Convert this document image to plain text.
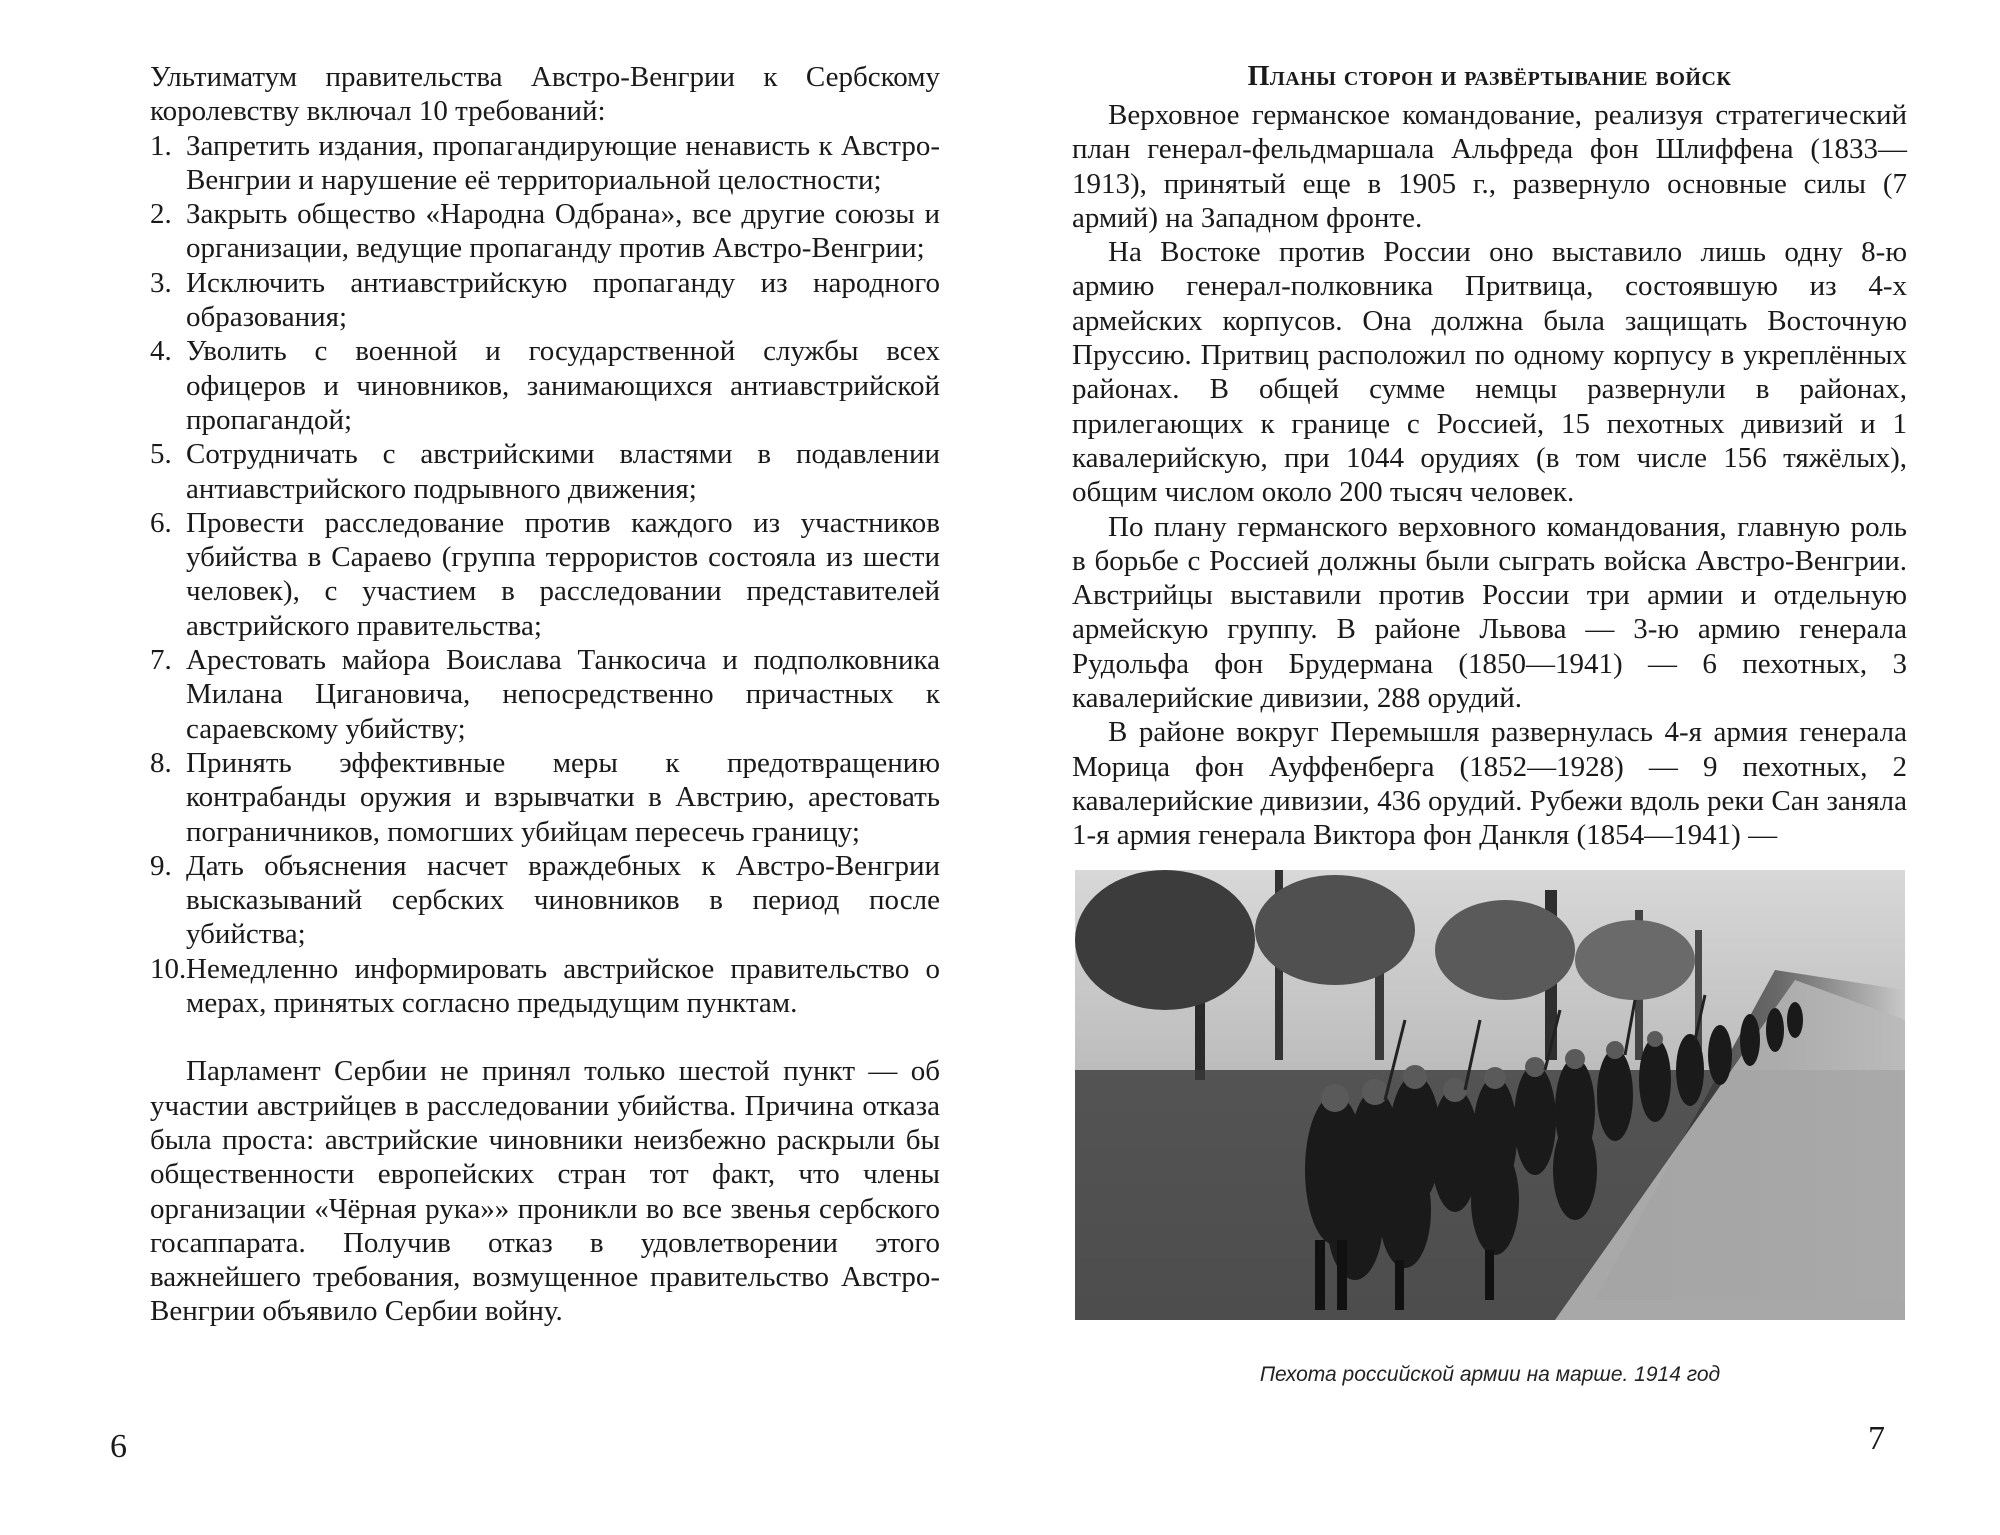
Ультиматум правительства Австро-Венгрии к Сербскому королевству включал 10 требований:

1. Запретить издания, пропагандирующие ненависть к Австро-Венгрии и нарушение её территориальной целостности;
2. Закрыть общество «Народна Одбрана», все другие союзы и организации, ведущие пропаганду против Австро-Венгрии;
3. Исключить антиавстрийскую пропаганду из народного образования;
4. Уволить с военной и государственной службы всех офицеров и чиновников, занимающихся антиавстрийской пропагандой;
5. Сотрудничать с австрийскими властями в подавлении антиавстрийского подрывного движения;
6. Провести расследование против каждого из участников убийства в Сараево (группа террористов состояла из шести человек), с участием в расследовании представителей австрийского правительства;
7. Арестовать майора Воислава Танкосича и подполковника Милана Цигановича, непосредственно причастных к сараевскому убийству;
8. Принять эффективные меры к предотвращению контрабанды оружия и взрывчатки в Австрию, арестовать пограничников, помогших убийцам пересечь границу;
9. Дать объяснения насчет враждебных к Австро-Венгрии высказываний сербских чиновников в период после убийства;
10. Немедленно информировать австрийское правительство о мерах, принятых согласно предыдущим пунктам.

Парламент Сербии не принял только шестой пункт — об участии австрийцев в расследовании убийства. Причина отказа была проста: австрийские чиновники неизбежно раскрыли бы общественности европейских стран тот факт, что члены организации «Чёрная рука»» проникли во все звенья сербского госаппарата. Получив отказ в удовлетворении этого важнейшего требования, возмущенное правительство Австро-Венгрии объявило Сербии войну.

6
Планы сторон и развёртывание войск

Верховное германское командование, реализуя стратегический план генерал-фельдмаршала Альфреда фон Шлиффена (1833—1913), принятый еще в 1905 г., развернуло основные силы (7 армий) на Западном фронте.

На Востоке против России оно выставило лишь одну 8-ю армию генерал-полковника Притвица, состоявшую из 4-х армейских корпусов. Она должна была защищать Восточную Пруссию. Притвиц расположил по одному корпусу в укреплённых районах. В общей сумме немцы развернули в районах, прилегающих к границе с Россией, 15 пехотных дивизий и 1 кавалерийскую, при 1044 орудиях (в том числе 156 тяжёлых), общим числом около 200 тысяч человек.

По плану германского верховного командования, главную роль в борьбе с Россией должны были сыграть войска Австро-Венгрии. Австрийцы выставили против России три армии и отдельную армейскую группу. В районе Львова — 3-ю армию генерала Рудольфа фон Брудермана (1850—1941) — 6 пехотных, 3 кавалерийские дивизии, 288 орудий.

В районе вокруг Перемышля развернулась 4-я армия генерала Морица фон Ауффенберга (1852—1928) — 9 пехотных, 2 кавалерийские дивизии, 436 орудий. Рубежи вдоль реки Сан заняла 1-я армия генерала Виктора фон Данкля (1854—1941) —

Пехота российской армии на марше. 1914 год
7
